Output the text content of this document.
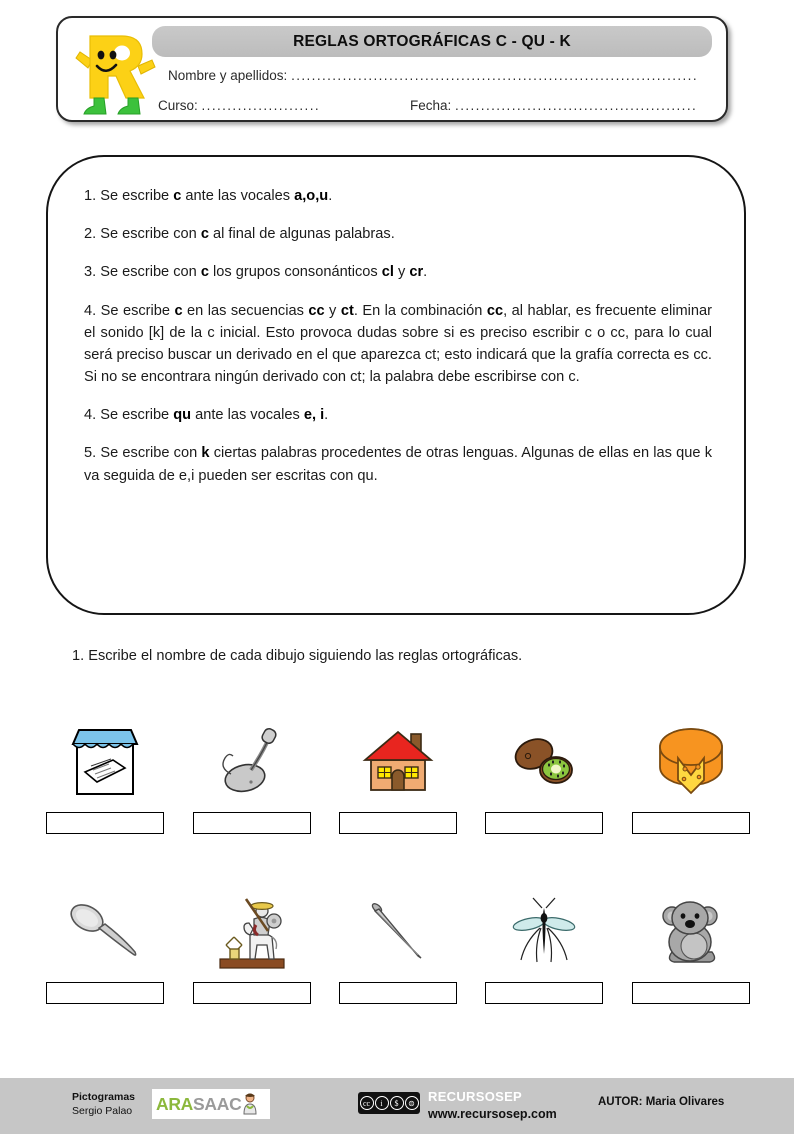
REGLAS ORTOGRÁFICAS C - QU - K
Nombre y apellidos: ...............................................................................
Curso: .......................	Fecha: ...............................................
1. Se escribe c ante las vocales a,o,u.
2. Se escribe con c al final de algunas palabras.
3. Se escribe con c los grupos consonánticos cl y cr.
4. Se escribe c en las secuencias cc y ct. En la combinación cc, al hablar, es frecuente eliminar el sonido [k] de la c inicial. Esto provoca dudas sobre si es preciso escribir c o cc, para lo cual será preciso buscar un derivado en el que aparezca ct; esto indicará que la grafía correcta es cc. Si no se encontrara ningún derivado con ct; la palabra debe escribirse con c.
4. Se escribe qu ante las vocales e, i.
5. Se escribe con k ciertas palabras procedentes de otras lenguas. Algunas de ellas en las que k va seguida de e,i pueden ser escritas con qu.
1. Escribe el nombre de cada dibujo siguiendo las reglas ortográficas.
Pictogramas
Sergio Palao ARASAAC	cc	i	$	⊜ RECURSOSEP
www.recursosep.com
AUTOR: Maria Olivares
